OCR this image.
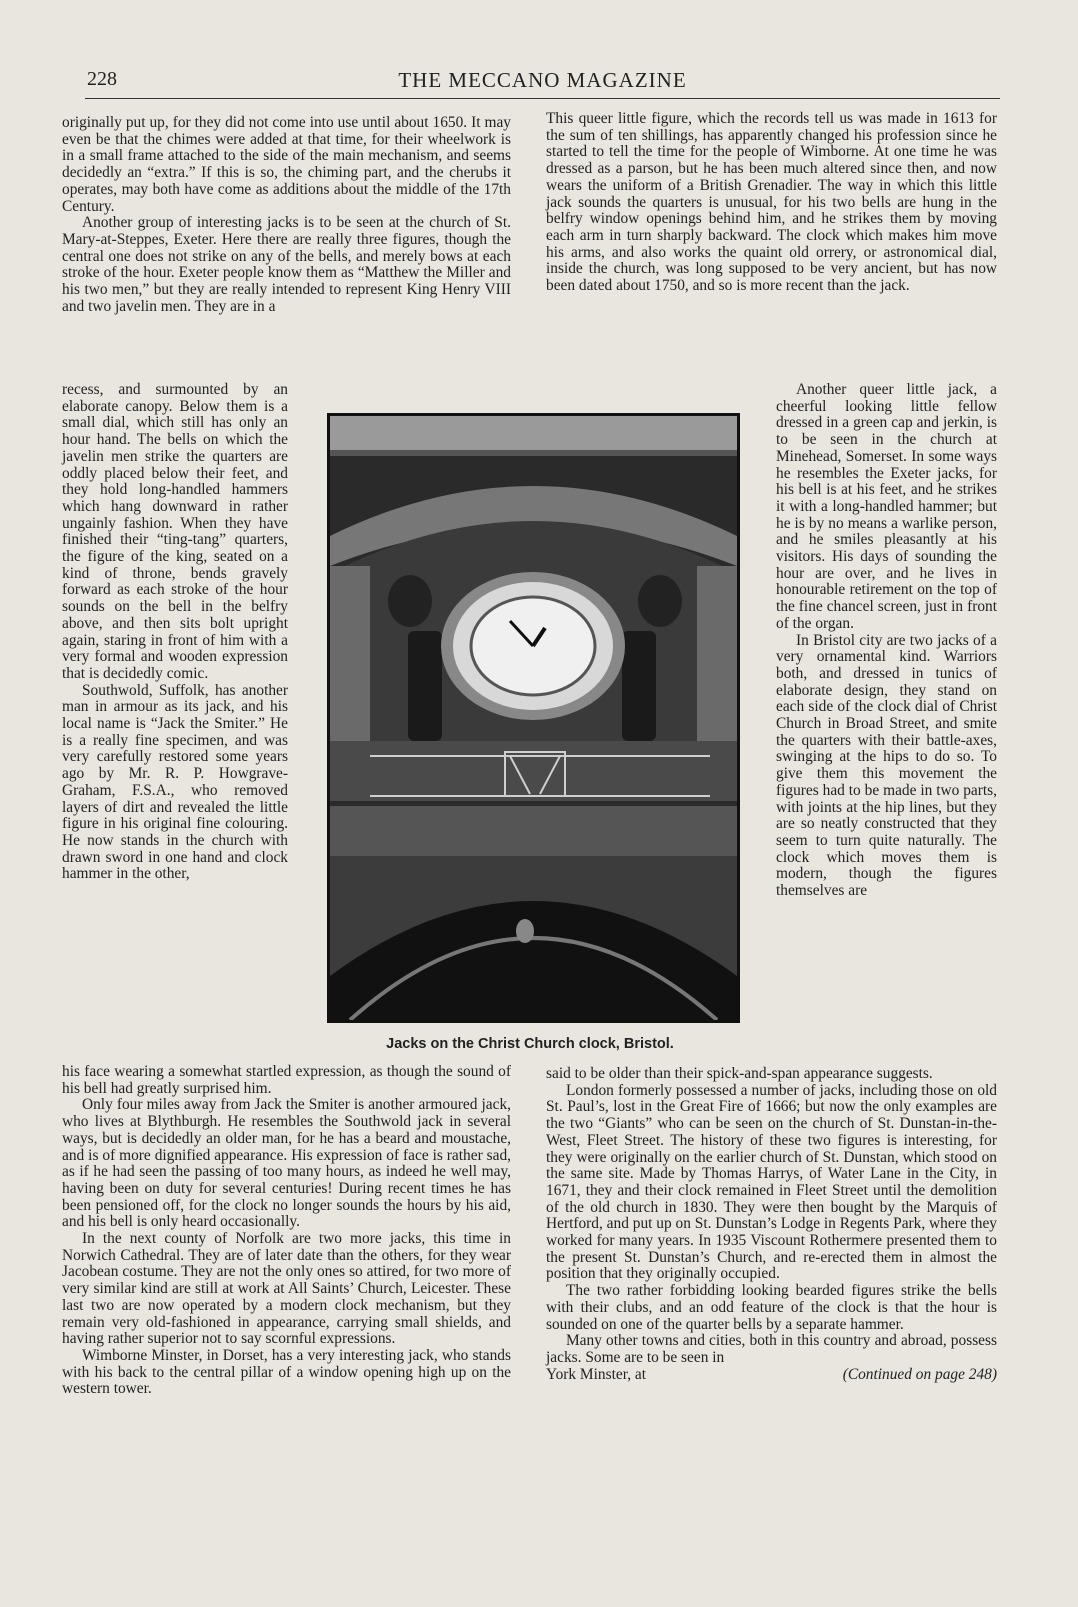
228	THE MECCANO MAGAZINE

originally put up, for they did not come into use until about 1650. It may even be that the chimes were added at that time, for their wheelwork is in a small frame attached to the side of the main mechanism, and seems decidedly an “extra.” If this is so, the chiming part, and the cherubs it operates, may both have come as additions about the middle of the 17th Century.

Another group of interesting jacks is to be seen at the church of St. Mary-at-Steppes, Exeter. Here there are really three figures, though the central one does not strike on any of the bells, and merely bows at each stroke of the hour. Exeter people know them as “Matthew the Miller and his two men,” but they are really intended to represent King Henry VIII and two javelin men. They are in a

recess, and surmounted by an elaborate canopy. Below them is a small dial, which still has only an hour hand. The bells on which the javelin men strike the quarters are oddly placed below their feet, and they hold long-handled hammers which hang downward in rather ungainly fashion. When they have finished their “ting-tang” quarters, the figure of the king, seated on a kind of throne, bends gravely forward as each stroke of the hour sounds on the bell in the belfry above, and then sits bolt upright again, staring in front of him with a very formal and wooden expression that is decidedly comic.

Southwold, Suffolk, has another man in armour as its jack, and his local name is “Jack the Smiter.” He is a really fine specimen, and was very carefully restored some years ago by Mr. R. P. Howgrave-Graham, F.S.A., who removed layers of dirt and revealed the little figure in his original fine colouring. He now stands in the church with drawn sword in one hand and clock hammer in the other,

his face wearing a somewhat startled expression, as though the sound of his bell had greatly surprised him.

Only four miles away from Jack the Smiter is another armoured jack, who lives at Blythburgh. He resembles the Southwold jack in several ways, but is decidedly an older man, for he has a beard and moustache, and is of more dignified appearance. His expression of face is rather sad, as if he had seen the passing of too many hours, as indeed he well may, having been on duty for several centuries! During recent times he has been pensioned off, for the clock no longer sounds the hours by his aid, and his bell is only heard occasionally.

In the next county of Norfolk are two more jacks, this time in Norwich Cathedral. They are of later date than the others, for they wear Jacobean costume. They are not the only ones so attired, for two more of very similar kind are still at work at All Saints’ Church, Leicester. These last two are now operated by a modern clock mechanism, but they remain very old-fashioned in appearance, carrying small shields, and having rather superior not to say scornful expressions.

Wimborne Minster, in Dorset, has a very interesting jack, who stands with his back to the central pillar of a window opening high up on the western tower.

This queer little figure, which the records tell us was made in 1613 for the sum of ten shillings, has apparently changed his profession since he started to tell the time for the people of Wimborne. At one time he was dressed as a parson, but he has been much altered since then, and now wears the uniform of a British Grenadier. The way in which this little jack sounds the quarters is unusual, for his two bells are hung in the belfry window openings behind him, and he strikes them by moving each arm in turn sharply backward. The clock which makes him move his arms, and also works the quaint old orrery, or astronomical dial, inside the church, was long supposed to be very ancient, but has now been dated about 1750, and so is more recent than the jack.

Another queer little jack, a cheerful looking little fellow dressed in a green cap and jerkin, is to be seen in the church at Minehead, Somerset. In some ways he resembles the Exeter jacks, for his bell is at his feet, and he strikes it with a long-handled hammer; but he is by no means a warlike person, and he smiles pleasantly at his visitors. His days of sounding the hour are over, and he lives in honourable retirement on the top of the fine chancel screen, just in front of the organ.

In Bristol city are two jacks of a very ornamental kind. Warriors both, and dressed in tunics of elaborate design, they stand on each side of the clock dial of Christ Church in Broad Street, and smite the quarters with their battle-axes, swinging at the hips to do so. To give them this movement the figures had to be made in two parts, with joints at the hip lines, but they are so neatly constructed that they seem to turn quite naturally. The clock which moves them is modern, though the figures themselves are

said to be older than their spick-and-span appearance suggests.

London formerly possessed a number of jacks, including those on old St. Paul’s, lost in the Great Fire of 1666; but now the only examples are the two “Giants” who can be seen on the church of St. Dunstan-in-the-West, Fleet Street. The history of these two figures is interesting, for they were originally on the earlier church of St. Dunstan, which stood on the same site. Made by Thomas Harrys, of Water Lane in the City, in 1671, they and their clock remained in Fleet Street until the demolition of the old church in 1830. They were then bought by the Marquis of Hertford, and put up on St. Dunstan’s Lodge in Regents Park, where they worked for many years. In 1935 Viscount Rothermere presented them to the present St. Dunstan’s Church, and re-erected them in almost the position that they originally occupied.

The two rather forbidding looking bearded figures strike the bells with their clubs, and an odd feature of the clock is that the hour is sounded on one of the quarter bells by a separate hammer.

Many other towns and cities, both in this country and abroad, possess jacks. Some are to be seen in

York Minster, at	(Continued on page 248)
Jacks on the Christ Church clock, Bristol.
